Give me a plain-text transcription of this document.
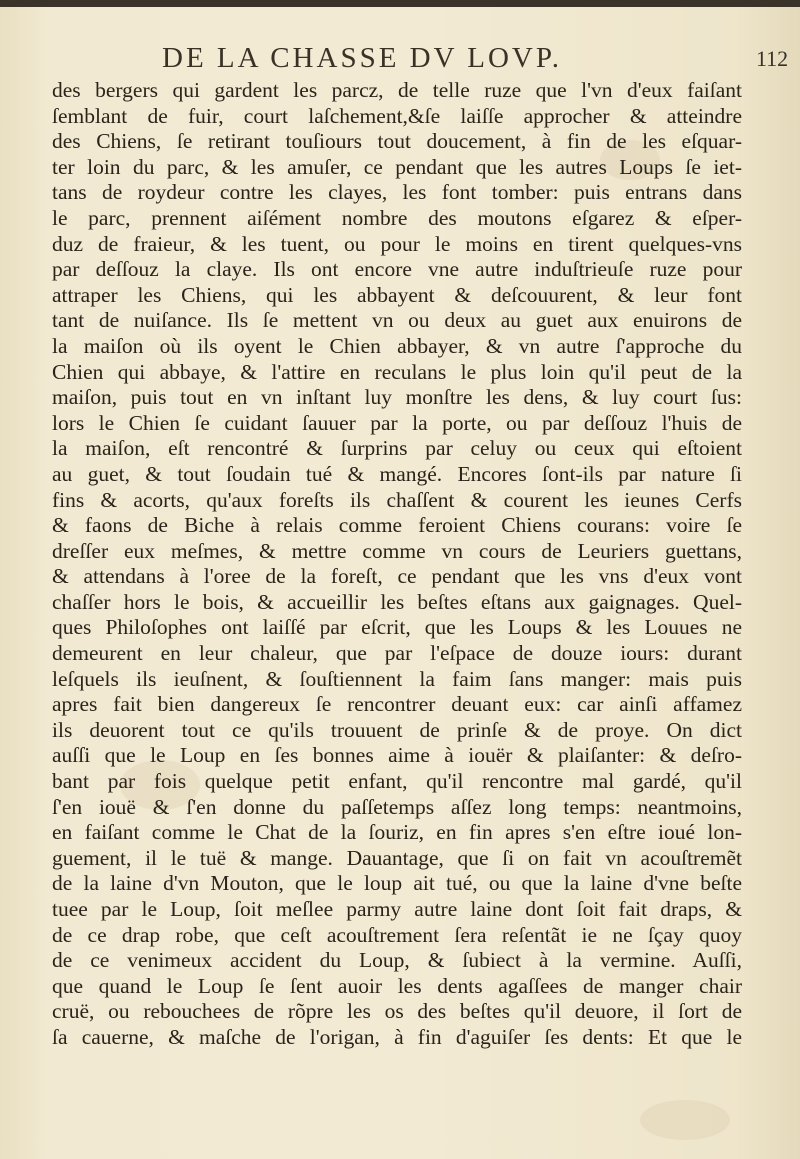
DE LA CHASSE DV LOVP.	112
des bergers qui gardent les parcz, de telle ruze que l'vn d'eux faiſant
ſemblant de fuir, court laſchement,&ſe laiſſe approcher & atteindre
des Chiens, ſe retirant touſiours tout doucement, à fin de les eſquar-
ter loin du parc, & les amuſer, ce pendant que les autres Loups ſe iet-
tans de roydeur contre les clayes, les font tomber: puis entrans dans
le parc, prennent aiſément nombre des moutons eſgarez & eſper-
duz de fraieur, & les tuent, ou pour le moins en tirent quelques-vns
par deſſouz la claye. Ils ont encore vne autre induſtrieuſe ruze pour
attraper les Chiens, qui les abbayent & deſcouurent, & leur font
tant de nuiſance. Ils ſe mettent vn ou deux au guet aux enuirons de
la maiſon où ils oyent le Chien abbayer, & vn autre ſ'approche du
Chien qui abbaye, & l'attire en reculans le plus loin qu'il peut de la
maiſon, puis tout en vn inſtant luy monſtre les dens, & luy court ſus:
lors le Chien ſe cuidant ſauuer par la porte, ou par deſſouz l'huis de
la maiſon, eſt rencontré & ſurprins par celuy ou ceux qui eſtoient
au guet, & tout ſoudain tué & mangé. Encores ſont-ils par nature ſi
fins & acorts, qu'aux foreſts ils chaſſent & courent les ieunes Cerfs
& faons de Biche à relais comme feroient Chiens courans: voire ſe
dreſſer eux meſmes, & mettre comme vn cours de Leuriers guettans,
& attendans à l'oree de la foreſt, ce pendant que les vns d'eux vont
chaſſer hors le bois, & accueillir les beſtes eſtans aux gaignages. Quel-
ques Philoſophes ont laiſſé par eſcrit, que les Loups & les Louues ne
demeurent en leur chaleur, que par l'eſpace de douze iours: durant
leſquels ils ieuſnent, & ſouſtiennent la faim ſans manger: mais puis
apres fait bien dangereux ſe rencontrer deuant eux: car ainſi affamez
ils deuorent tout ce qu'ils trouuent de prinſe & de proye. On dict
auſſi que le Loup en ſes bonnes aime à iouër & plaiſanter: & deſro-
bant par fois quelque petit enfant, qu'il rencontre mal gardé, qu'il
ſ'en iouë & ſ'en donne du paſſetemps aſſez long temps: neantmoins,
en faiſant comme le Chat de la ſouriz, en fin apres s'en eſtre ioué lon-
guement, il le tuë & mange. Dauantage, que ſi on fait vn acouſtremẽt
de la laine d'vn Mouton, que le loup ait tué, ou que la laine d'vne beſte
tuee par le Loup, ſoit meſlee parmy autre laine dont ſoit fait draps, &
de ce drap robe, que ceſt acouſtrement ſera reſentãt ie ne ſçay quoy
de ce venimeux accident du Loup, & ſubiect à la vermine. Auſſi,
que quand le Loup ſe ſent auoir les dents agaſſees de manger chair
cruë, ou rebouchees de rõpre les os des beſtes qu'il deuore, il ſort de
ſa cauerne, & maſche de l'origan, à fin d'aguiſer ſes dents: Et que le
